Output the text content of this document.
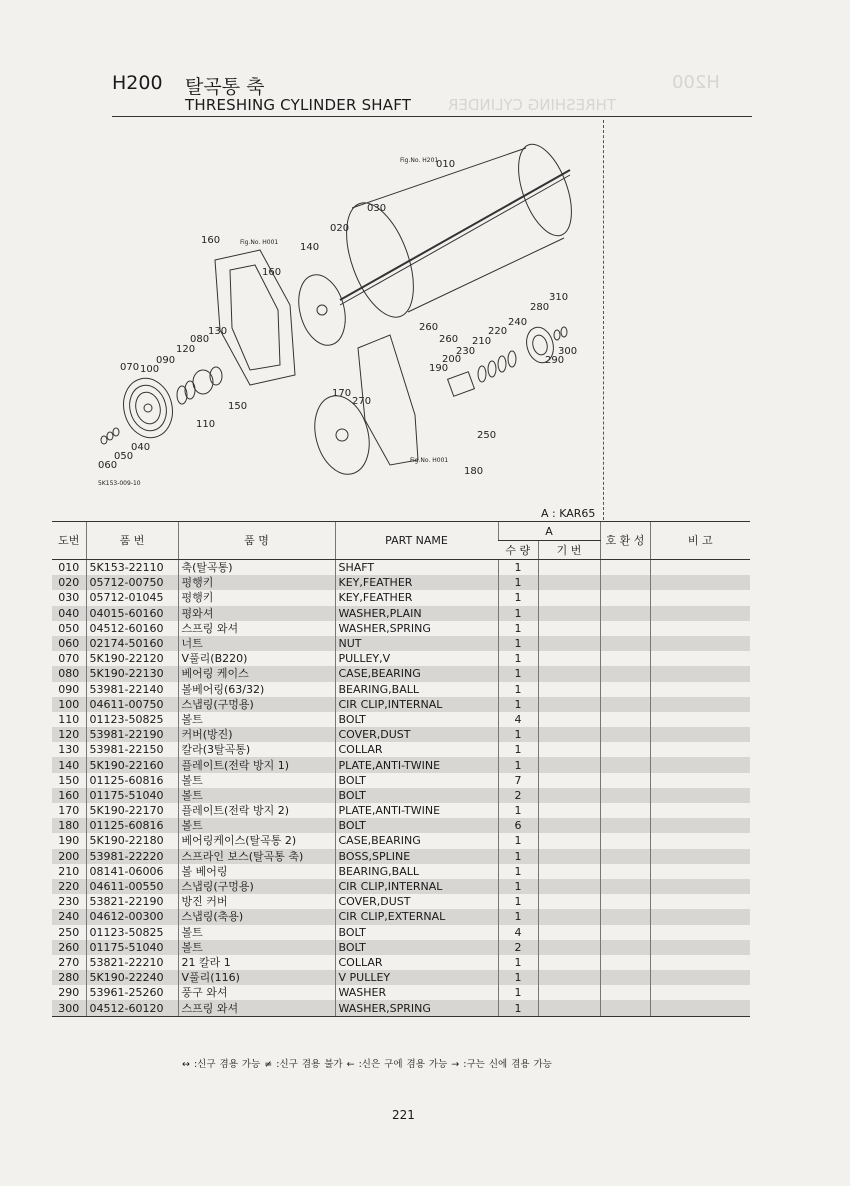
H200
THRESHING CYLINDER
H200 탈곡통 축
THRESHING CYLINDER SHAFT
010
020
030
040
050
060
070
080
090
100
110
120
130
140
150
160
160
170
180
190
200
210
220
230
240
250
260
260
270
280
290
300
310
Fig.No. H201
Fig.No. H001
Fig.No. H001
5K153-009-10
A : KAR65
도번	품 번	품 명	PART NAME	A		호 환 성	비 고
				수 량	기 번		
010	5K153-22110	축(탈곡통)	SHAFT	1			
020	05712-00750	평행키	KEY,FEATHER	1			
030	05712-01045	평행키	KEY,FEATHER	1			
040	04015-60160	평와셔	WASHER,PLAIN	1			
050	04512-60160	스프링 와셔	WASHER,SPRING	1			
060	02174-50160	너트	NUT	1			
070	5K190-22120	V풀리(B220)	PULLEY,V	1			
080	5K190-22130	베어링 케이스	CASE,BEARING	1			
090	53981-22140	볼베어링(63/32)	BEARING,BALL	1			
100	04611-00750	스냅링(구멍용)	CIR CLIP,INTERNAL	1			
110	01123-50825	볼트	BOLT	4			
120	53981-22190	커버(방진)	COVER,DUST	1			
130	53981-22150	칼라(3탈곡통)	COLLAR	1			
140	5K190-22160	플레이트(전락 방지 1)	PLATE,ANTI-TWINE	1			
150	01125-60816	볼트	BOLT	7			
160	01175-51040	볼트	BOLT	2			
170	5K190-22170	플레이트(전락 방지 2)	PLATE,ANTI-TWINE	1			
180	01125-60816	볼트	BOLT	6			
190	5K190-22180	베어링케이스(탈곡통 2)	CASE,BEARING	1			
200	53981-22220	스프라인 보스(탈곡통 축)	BOSS,SPLINE	1			
210	08141-06006	볼 베어링	BEARING,BALL	1			
220	04611-00550	스냅링(구멍용)	CIR CLIP,INTERNAL	1			
230	53821-22190	방진 커버	COVER,DUST	1			
240	04612-00300	스냅링(축용)	CIR CLIP,EXTERNAL	1			
250	01123-50825	볼트	BOLT	4			
260	01175-51040	볼트	BOLT	2			
270	53821-22210	21 칼라 1	COLLAR	1			
280	5K190-22240	V풀리(116)	V PULLEY	1			
290	53961-25260	풍구 와셔	WASHER	1			
300	04512-60120	스프링 와셔	WASHER,SPRING	1			
↔ :신구 겸용 가능 ≠ :신구 겸용 불가 ← :신은 구에 겸용 가능 → :구는 신에 겸용 가능
221
